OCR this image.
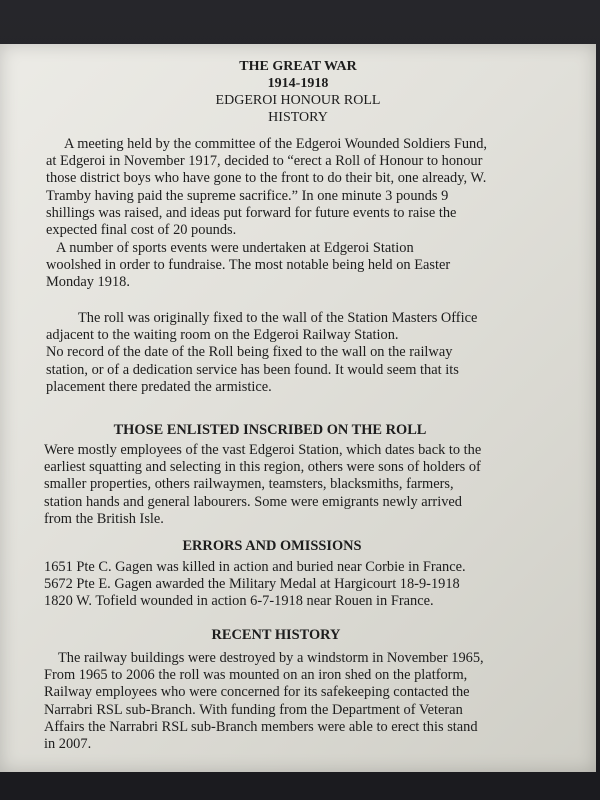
THE GREAT WAR
1914-1918
EDGEROI HONOUR ROLL
HISTORY
A meeting held by the committee of the Edgeroi Wounded Soldiers Fund,
at Edgeroi in November 1917, decided to “erect a Roll of Honour to honour
those district boys who have gone to the front to do their bit, one already, W.
Tramby having paid the supreme sacrifice.” In one minute 3 pounds 9
shillings was raised, and ideas put forward for future events to raise the
expected final cost of 20 pounds.
A number of sports events were undertaken at Edgeroi Station
woolshed in order to fundraise. The most notable being held on Easter
Monday 1918.
The roll was originally fixed to the wall of the Station Masters Office
adjacent to the waiting room on the Edgeroi Railway Station.
No record of the date of the Roll being fixed to the wall on the railway
station, or of a dedication service has been found. It would seem that its
placement there predated the armistice.
THOSE ENLISTED INSCRIBED ON THE ROLL
Were mostly employees of the vast Edgeroi Station, which dates back to the
earliest squatting and selecting in this region, others were sons of holders of
smaller properties, others railwaymen, teamsters, blacksmiths, farmers,
station hands and general labourers. Some were emigrants newly arrived
from the British Isle.
ERRORS AND OMISSIONS
1651 Pte C. Gagen was killed in action and buried near Corbie in France.
5672 Pte E. Gagen awarded the Military Medal at Hargicourt 18-9-1918
1820 W. Tofield wounded in action 6-7-1918 near Rouen in France.
RECENT HISTORY
The railway buildings were destroyed by a windstorm in November 1965,
From 1965 to 2006 the roll was mounted on an iron shed on the platform,
Railway employees who were concerned for its safekeeping contacted the
Narrabri RSL sub-Branch. With funding from the Department of Veteran
Affairs the Narrabri RSL sub-Branch members were able to erect this stand
in 2007.
